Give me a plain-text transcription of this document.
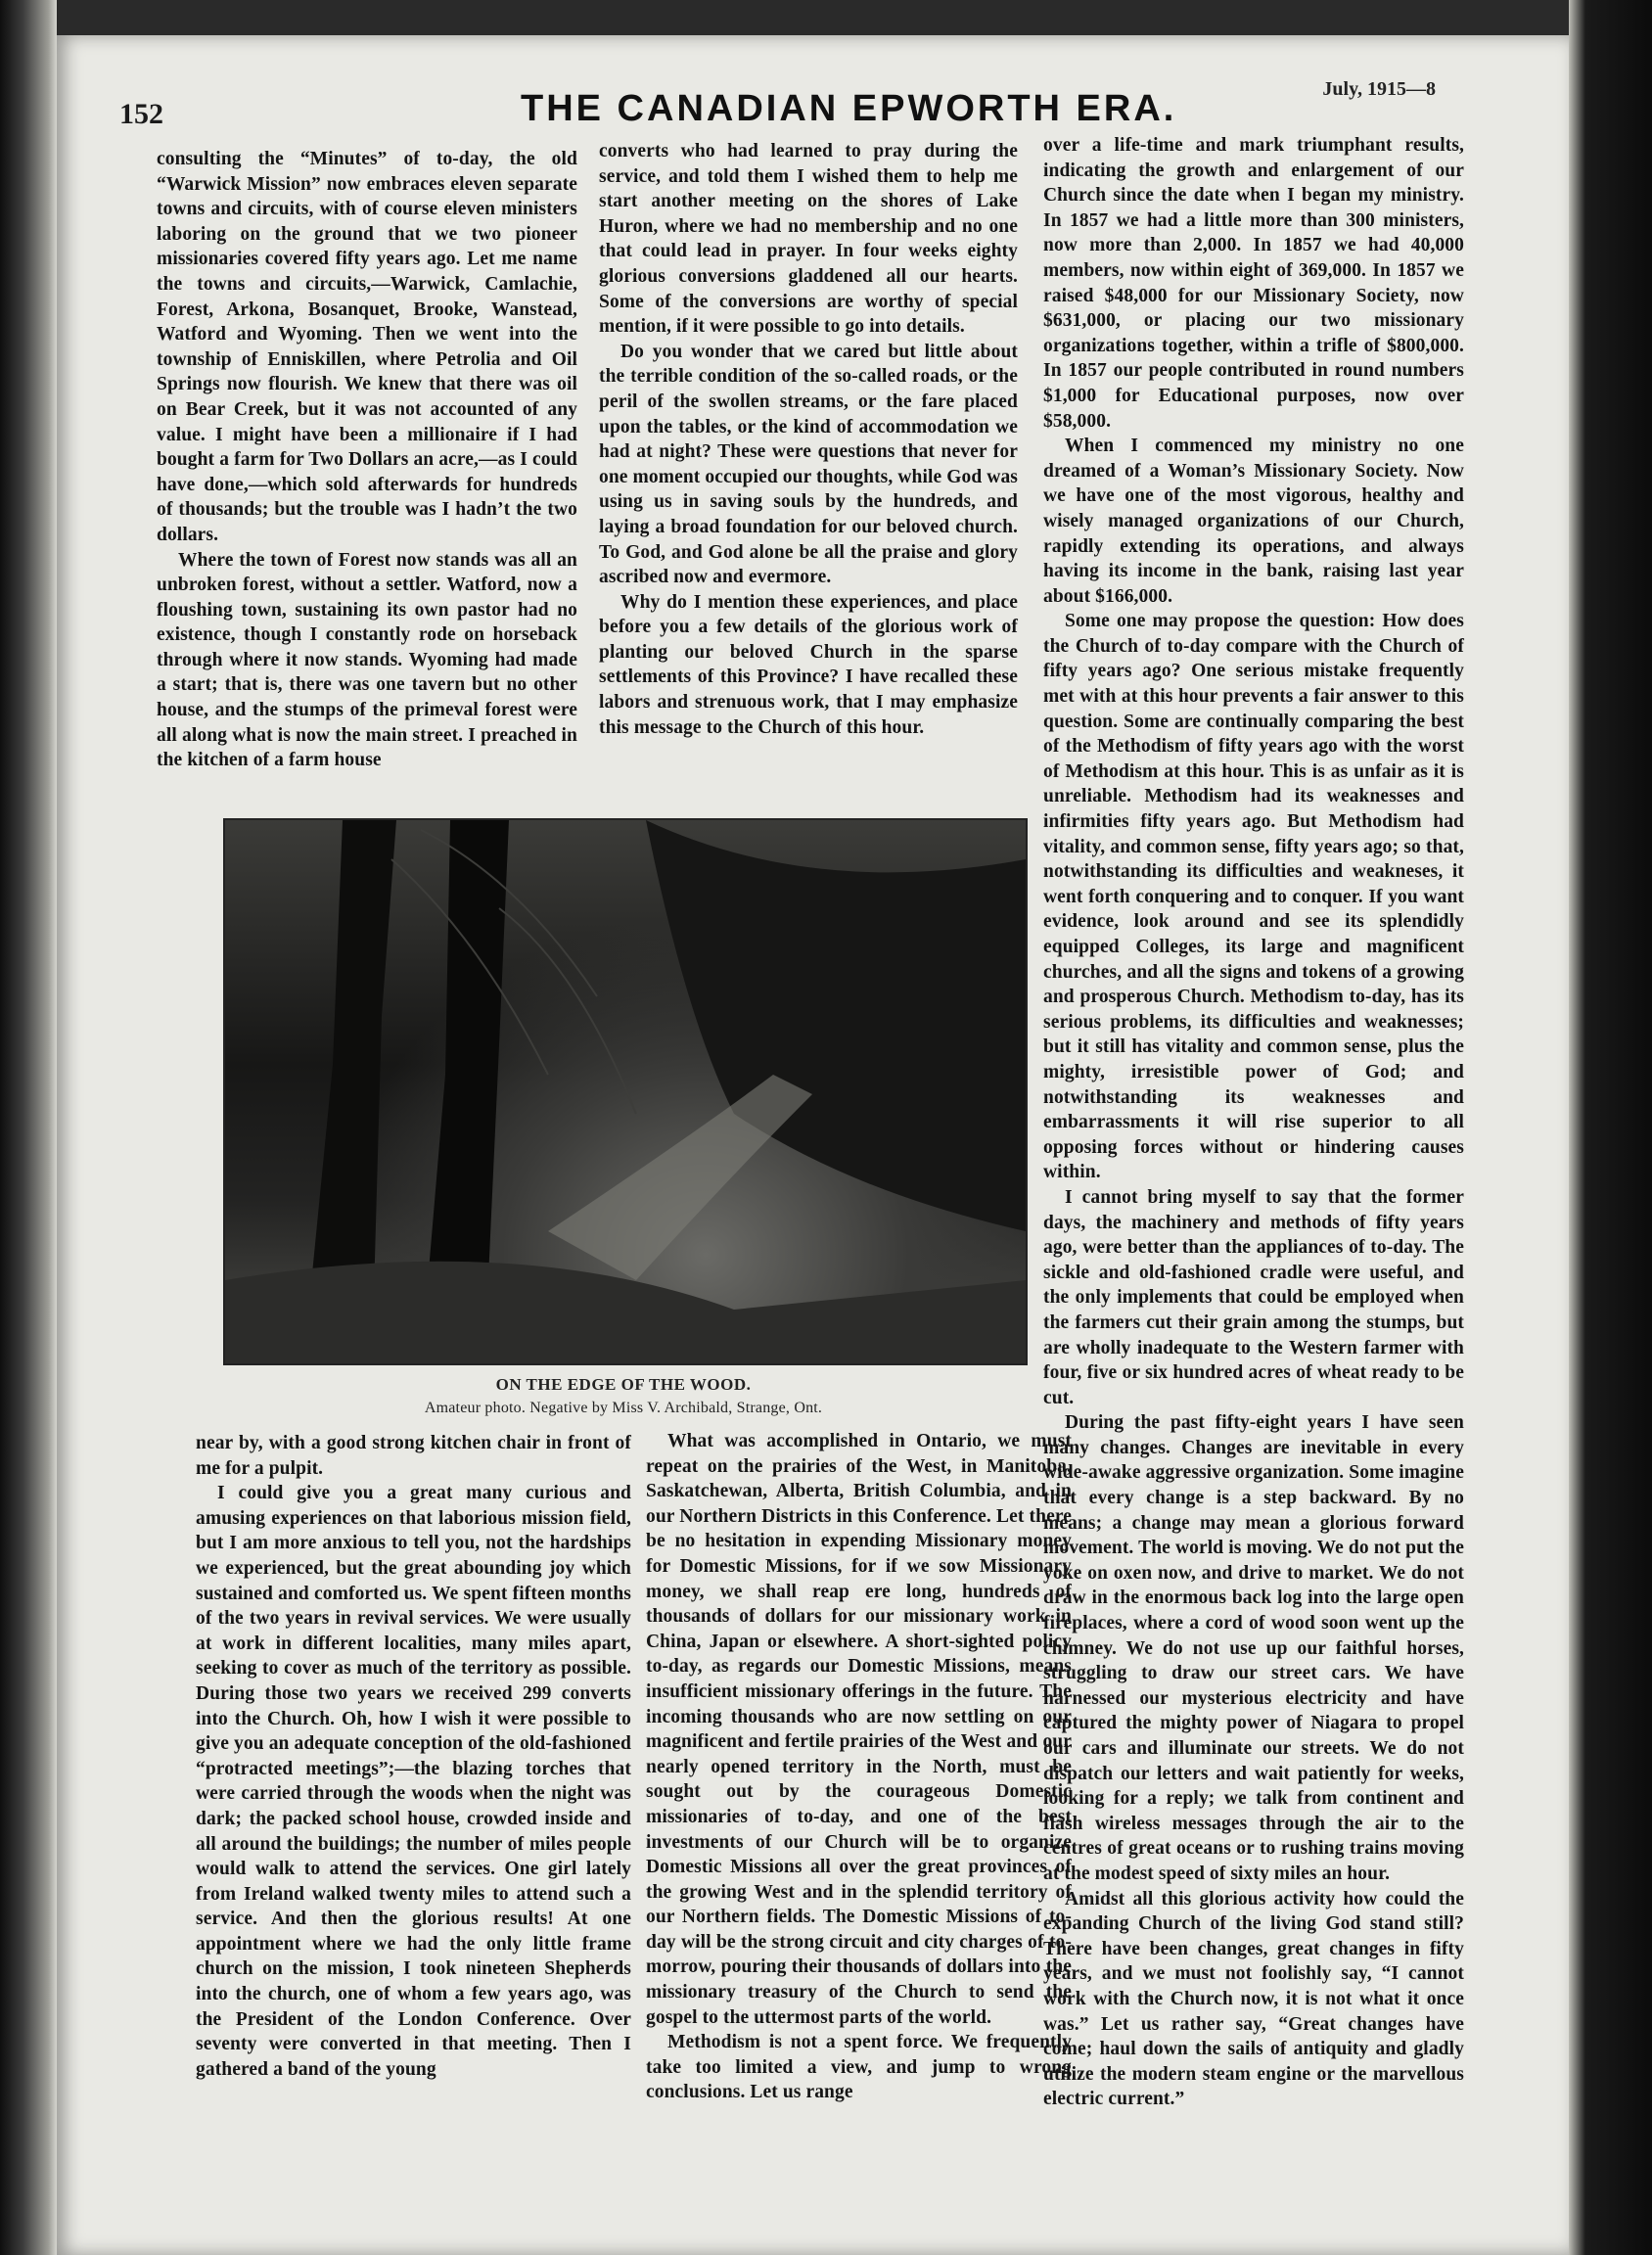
152	THE CANADIAN EPWORTH ERA.	July, 1915—8

consulting the “Minutes” of to-day, the old “Warwick Mission” now embraces eleven separate towns and circuits, with of course eleven ministers laboring on the ground that we two pioneer missionaries covered fifty years ago. Let me name the towns and circuits,—Warwick, Camlachie, Forest, Arkona, Bosanquet, Brooke, Wanstead, Watford and Wyoming. Then we went into the township of Enniskillen, where Petrolia and Oil Springs now flourish. We knew that there was oil on Bear Creek, but it was not accounted of any value. I might have been a millionaire if I had bought a farm for Two Dollars an acre,—as I could have done,—which sold afterwards for hundreds of thousands; but the trouble was I hadn’t the two dollars.

Where the town of Forest now stands was all an unbroken forest, without a settler. Watford, now a floushing town, sustaining its own pastor had no existence, though I constantly rode on horseback through where it now stands. Wyoming had made a start; that is, there was one tavern but no other house, and the stumps of the primeval forest were all along what is now the main street. I preached in the kitchen of a farm house

converts who had learned to pray during the service, and told them I wished them to help me start another meeting on the shores of Lake Huron, where we had no membership and no one that could lead in prayer. In four weeks eighty glorious conversions gladdened all our hearts. Some of the conversions are worthy of special mention, if it were possible to go into details.

Do you wonder that we cared but little about the terrible condition of the so-called roads, or the peril of the swollen streams, or the fare placed upon the tables, or the kind of accommodation we had at night? These were questions that never for one moment occupied our thoughts, while God was using us in saving souls by the hundreds, and laying a broad foundation for our beloved church. To God, and God alone be all the praise and glory ascribed now and evermore.

Why do I mention these experiences, and place before you a few details of the glorious work of planting our beloved Church in the sparse settlements of this Province? I have recalled these labors and strenuous work, that I may emphasize this message to the Church of this hour.

over a life-time and mark triumphant results, indicating the growth and enlargement of our Church since the date when I began my ministry. In 1857 we had a little more than 300 ministers, now more than 2,000. In 1857 we had 40,000 members, now within eight of 369,000. In 1857 we raised $48,000 for our Missionary Society, now $631,000, or placing our two missionary organizations together, within a trifle of $800,000. In 1857 our people contributed in round numbers $1,000 for Educational purposes, now over $58,000.

When I commenced my ministry no one dreamed of a Woman’s Missionary Society. Now we have one of the most vigorous, healthy and wisely managed organizations of our Church, rapidly extending its operations, and always having its income in the bank, raising last year about $166,000.

Some one may propose the question: How does the Church of to-day compare with the Church of fifty years ago? One serious mistake frequently met with at this hour prevents a fair answer to this question. Some are continually comparing the best of the Methodism of fifty years ago with the worst of Methodism at this hour. This is as unfair as it is unreliable. Methodism had its weaknesses and infirmities fifty years ago. But Methodism had vitality, and common sense, fifty years ago; so that, notwithstanding its difficulties and weakneses, it went forth conquering and to conquer. If you want evidence, look around and see its splendidly equipped Colleges, its large and magnificent churches, and all the signs and tokens of a growing and prosperous Church. Methodism to-day, has its serious problems, its difficulties and weaknesses; but it still has vitality and common sense, plus the mighty, irresistible power of God; and notwithstanding its weaknesses and embarrassments it will rise superior to all opposing forces without or hindering causes within.

I cannot bring myself to say that the former days, the machinery and methods of fifty years ago, were better than the appliances of to-day. The sickle and old-fashioned cradle were useful, and the only implements that could be employed when the farmers cut their grain among the stumps, but are wholly inadequate to the Western farmer with four, five or six hundred acres of wheat ready to be cut.

During the past fifty-eight years I have seen many changes. Changes are inevitable in every wide-awake aggressive organization. Some imagine that every change is a step backward. By no means; a change may mean a glorious forward movement. The world is moving. We do not put the yoke on oxen now, and drive to market. We do not draw in the enormous back log into the large open fireplaces, where a cord of wood soon went up the chimney. We do not use up our faithful horses, struggling to draw our street cars. We have harnessed our mysterious electricity and have captured the mighty power of Niagara to propel our cars and illuminate our streets. We do not dispatch our letters and wait patiently for weeks, looking for a reply; we talk from continent and flash wireless messages through the air to the centres of great oceans or to rushing trains moving at the modest speed of sixty miles an hour.

Amidst all this glorious activity how could the expanding Church of the living God stand still? There have been changes, great changes in fifty years, and we must not foolishly say, “I cannot work with the Church now, it is not what it once was.” Let us rather say, “Great changes have come; haul down the sails of antiquity and gladly utilize the modern steam engine or the marvellous electric current.”

ON THE EDGE OF THE WOOD.
Amateur photo. Negative by Miss V. Archibald, Strange, Ont.

near by, with a good strong kitchen chair in front of me for a pulpit.

I could give you a great many curious and amusing experiences on that laborious mission field, but I am more anxious to tell you, not the hardships we experienced, but the great abounding joy which sustained and comforted us. We spent fifteen months of the two years in revival services. We were usually at work in different localities, many miles apart, seeking to cover as much of the territory as possible. During those two years we received 299 converts into the Church. Oh, how I wish it were possible to give you an adequate conception of the old-fashioned “protracted meetings”;—the blazing torches that were carried through the woods when the night was dark; the packed school house, crowded inside and all around the buildings; the number of miles people would walk to attend the services. One girl lately from Ireland walked twenty miles to attend such a service. And then the glorious results! At one appointment where we had the only little frame church on the mission, I took nineteen Shepherds into the church, one of whom a few years ago, was the President of the London Conference. Over seventy were converted in that meeting. Then I gathered a band of the young

What was accomplished in Ontario, we must repeat on the prairies of the West, in Manitoba, Saskatchewan, Alberta, British Columbia, and in our Northern Districts in this Conference. Let there be no hesitation in expending Missionary money for Domestic Missions, for if we sow Missionary money, we shall reap ere long, hundreds of thousands of dollars for our missionary work in China, Japan or elsewhere. A short-sighted policy to-day, as regards our Domestic Missions, means insufficient missionary offerings in the future. The incoming thousands who are now settling on our magnificent and fertile prairies of the West and our nearly opened territory in the North, must be sought out by the courageous Domestic missionaries of to-day, and one of the best investments of our Church will be to organize Domestic Missions all over the great provinces of the growing West and in the splendid territory of our Northern fields. The Domestic Missions of to-day will be the strong circuit and city charges of to-morrow, pouring their thousands of dollars into the missionary treasury of the Church to send the gospel to the uttermost parts of the world.

Methodism is not a spent force. We frequently take too limited a view, and jump to wrong conclusions. Let us range
